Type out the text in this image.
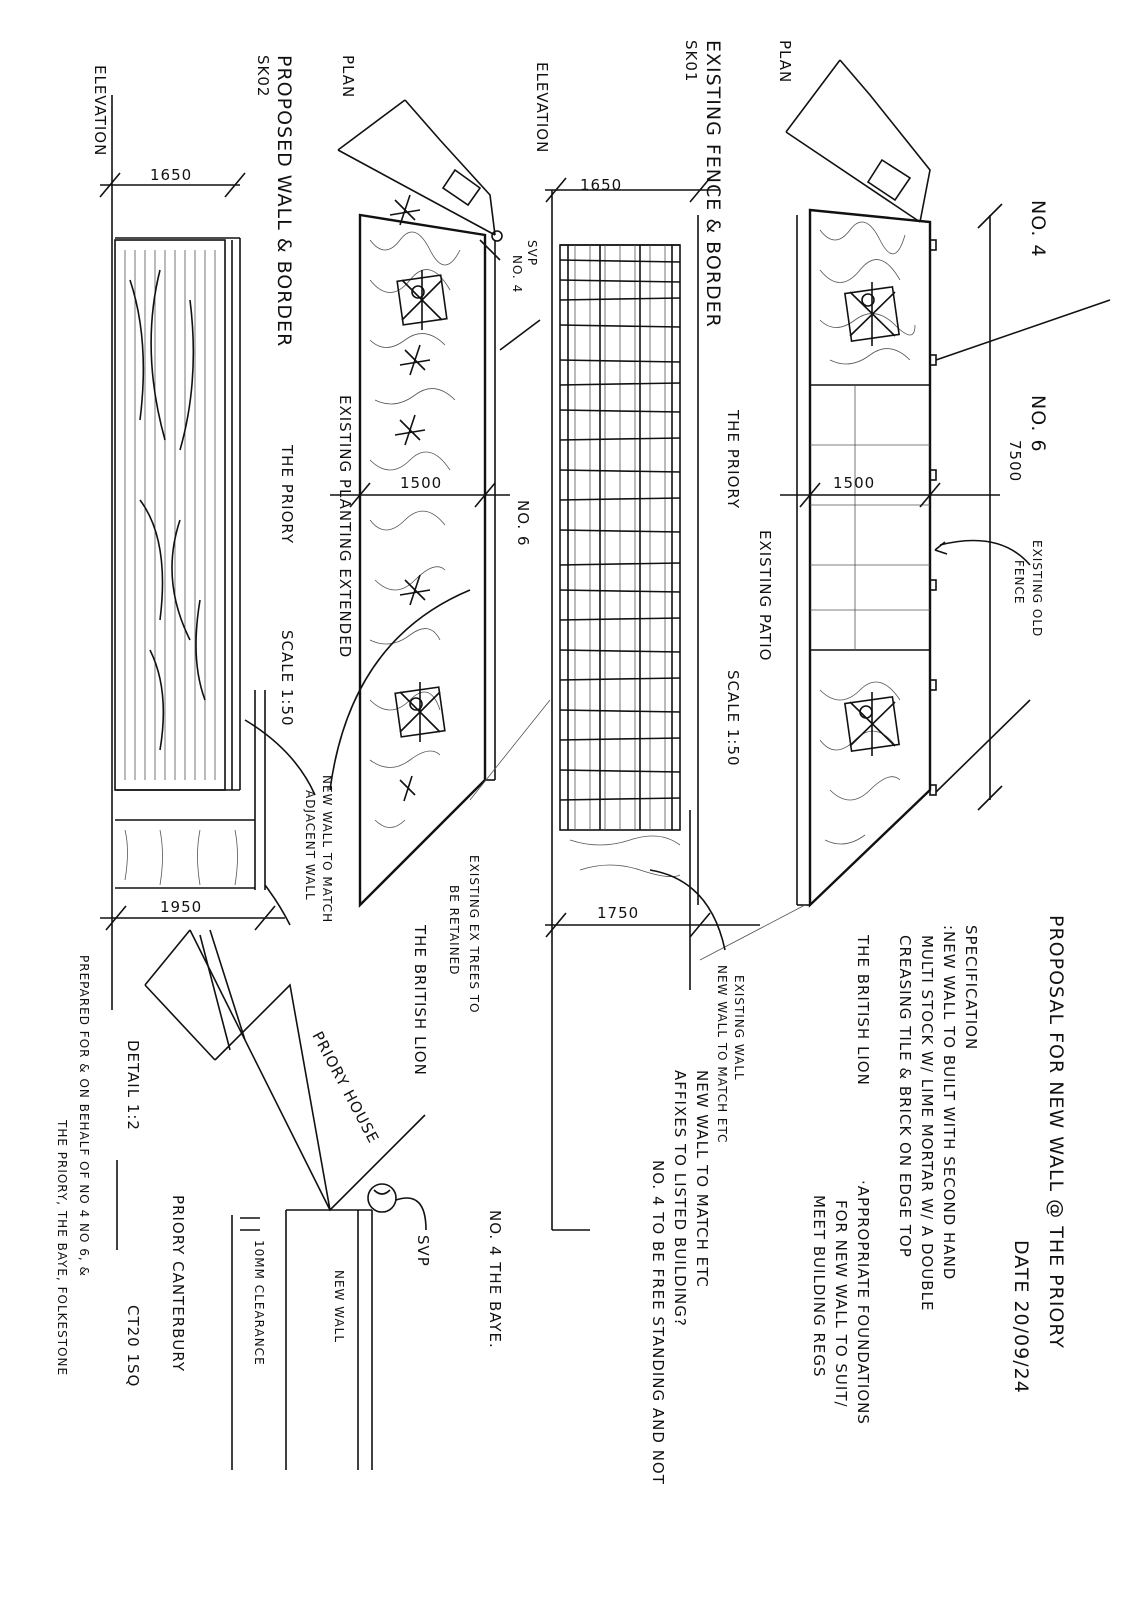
PLAN
EXISTING FENCE & BORDER
SK01
THE PRIORY
SCALE 1:50
ELEVATION
1650
1500
1750
7500
NO. 4
NO. 6
EXISTING PATIO	EXISTING OLD
FENCE
PLAN
PROPOSED WALL & BORDER
SK02
THE PRIORY
SCALE 1:50
ELEVATION
1650
1500
1950
SVP
NO. 4
NO. 6
EXISTING PLANTING EXTENDED
PROPOSAL FOR NEW WALL @ THE PRIORY
DATE 20/09/24
SPECIFICATION
:NEW WALL TO BUILT WITH SECOND HAND
MULTI STOCK W/ LIME MORTAR W/ A DOUBLE
CREASING TILE & BRICK ON EDGE TOP
·APPROPRIATE FOUNDATIONS
FOR NEW WALL TO SUIT/
MEET BUILDING REGS
THE BRITISH LION
NEW WALL TO MATCH ETC
AFFIXES TO LISTED BUILDING?
NO. 4 TO BE FREE STANDING AND NOT
EXISTING WALL
NEW WALL TO MATCH ETC
NO. 4 THE BAYE.
SVP
NEW WALL
10MM CLEARANCE
DETAIL 1:2	PRIORY HOUSE
EXISTING EX TREES TO
BE RETAINED
THE BRITISH LION
PRIORY CANTERBURY
CT20 1SQ
PREPARED FOR & ON BEHALF OF NO 4 NO 6, &
THE PRIORY, THE BAYE, FOLKESTONE
NEW WALL TO MATCH
ADJACENT WALL
